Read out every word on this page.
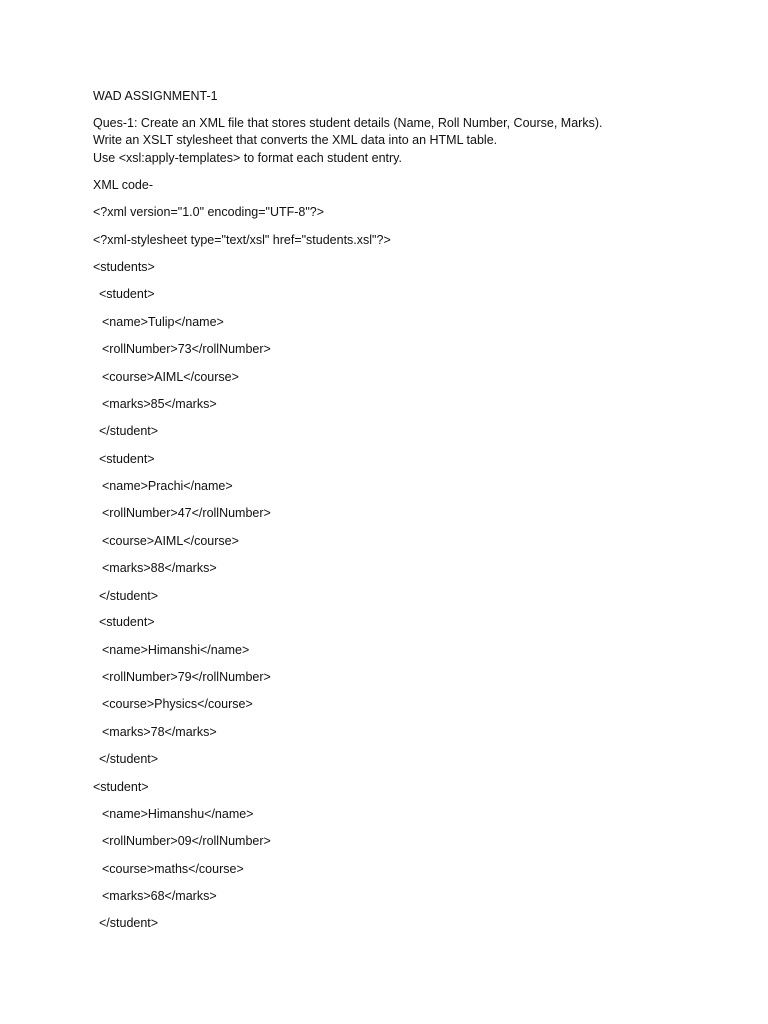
WAD ASSIGNMENT-1
Ques-1: Create an XML file that stores student details (Name, Roll Number, Course, Marks).
Write an XSLT stylesheet that converts the XML data into an HTML table.
Use <xsl:apply-templates> to format each student entry.
XML code-
<?xml version="1.0" encoding="UTF-8"?>
<?xml-stylesheet type="text/xsl" href="students.xsl"?>
<students>
<student>
<name>Tulip</name>
<rollNumber>73</rollNumber>
<course>AIML</course>
<marks>85</marks>
</student>
<student>
<name>Prachi</name>
<rollNumber>47</rollNumber>
<course>AIML</course>
<marks>88</marks>
</student>
<student>
<name>Himanshi</name>
<rollNumber>79</rollNumber>
<course>Physics</course>
<marks>78</marks>
</student>
<student>
<name>Himanshu</name>
<rollNumber>09</rollNumber>
<course>maths</course>
<marks>68</marks>
</student>
